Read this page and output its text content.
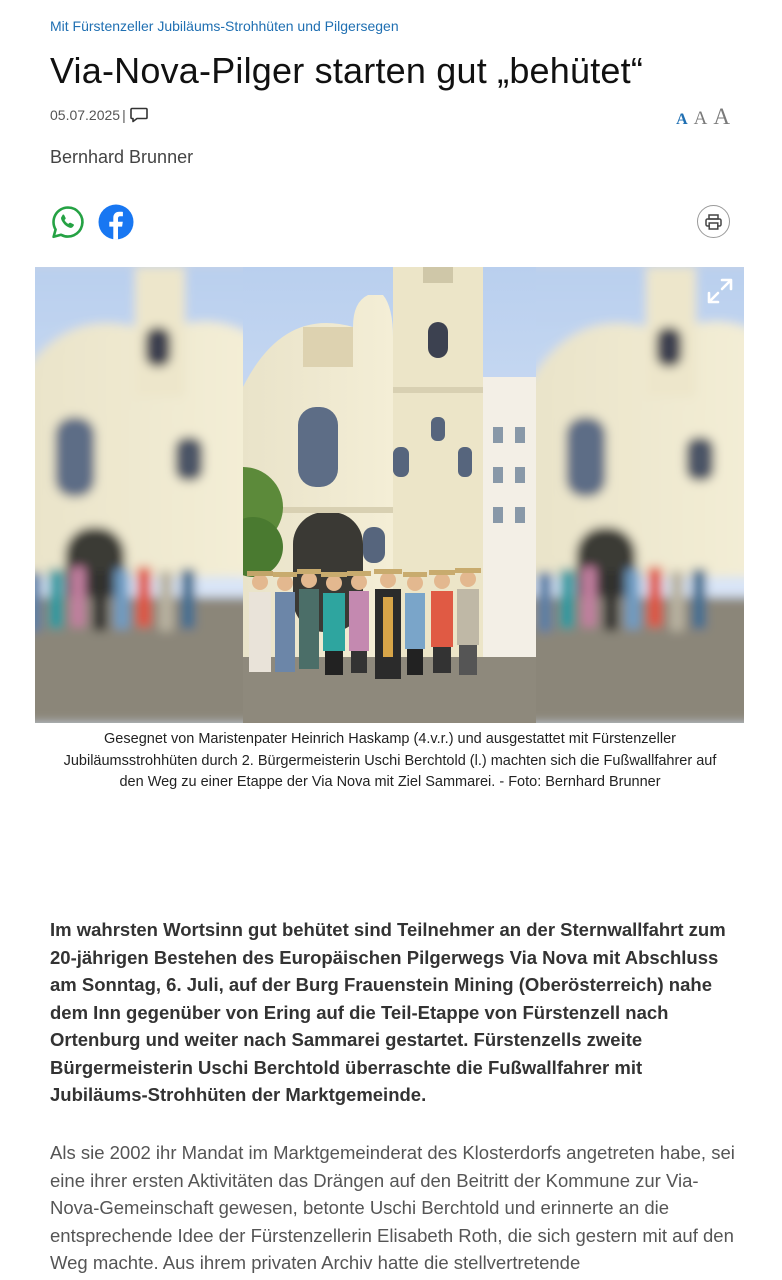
Mit Fürstenzeller Jubiläums-Strohhüten und Pilgersegen
Via-Nova-Pilger starten gut „behütet“
05.07.2025 |	A A A
Bernhard Brunner
Gesegnet von Maristenpater Heinrich Haskamp (4.v.r.) und ausgestattet mit Fürstenzeller Jubiläumsstrohhüten durch 2. Bürgermeisterin Uschi Berchtold (l.) machten sich die Fußwallfahrer auf den Weg zu einer Etappe der Via Nova mit Ziel Sammarei. - Foto: Bernhard Brunner

Im wahrsten Wortsinn gut behütet sind Teilnehmer an der Sternwallfahrt zum 20-jährigen Bestehen des Europäischen Pilgerwegs Via Nova mit Abschluss am Sonntag, 6. Juli, auf der Burg Frauenstein Mining (Oberösterreich) nahe dem Inn gegenüber von Ering auf die Teil-Etappe von Fürstenzell nach Ortenburg und weiter nach Sammarei gestartet. Fürstenzells zweite Bürgermeisterin Uschi Berchtold überraschte die Fußwallfahrer mit Jubiläums-Strohhüten der Marktgemeinde.

Als sie 2002 ihr Mandat im Marktgemeinderat des Klosterdorfs angetreten habe, sei eine ihrer ersten Aktivitäten das Drängen auf den Beitritt der Kommune zur Via-Nova-Gemeinschaft gewesen, betonte Uschi Berchtold und erinnerte an die entsprechende Idee der Fürstenzellerin Elisabeth Roth, die sich gestern mit auf den Weg machte. Aus ihrem privaten Archiv hatte die stellvertretende
